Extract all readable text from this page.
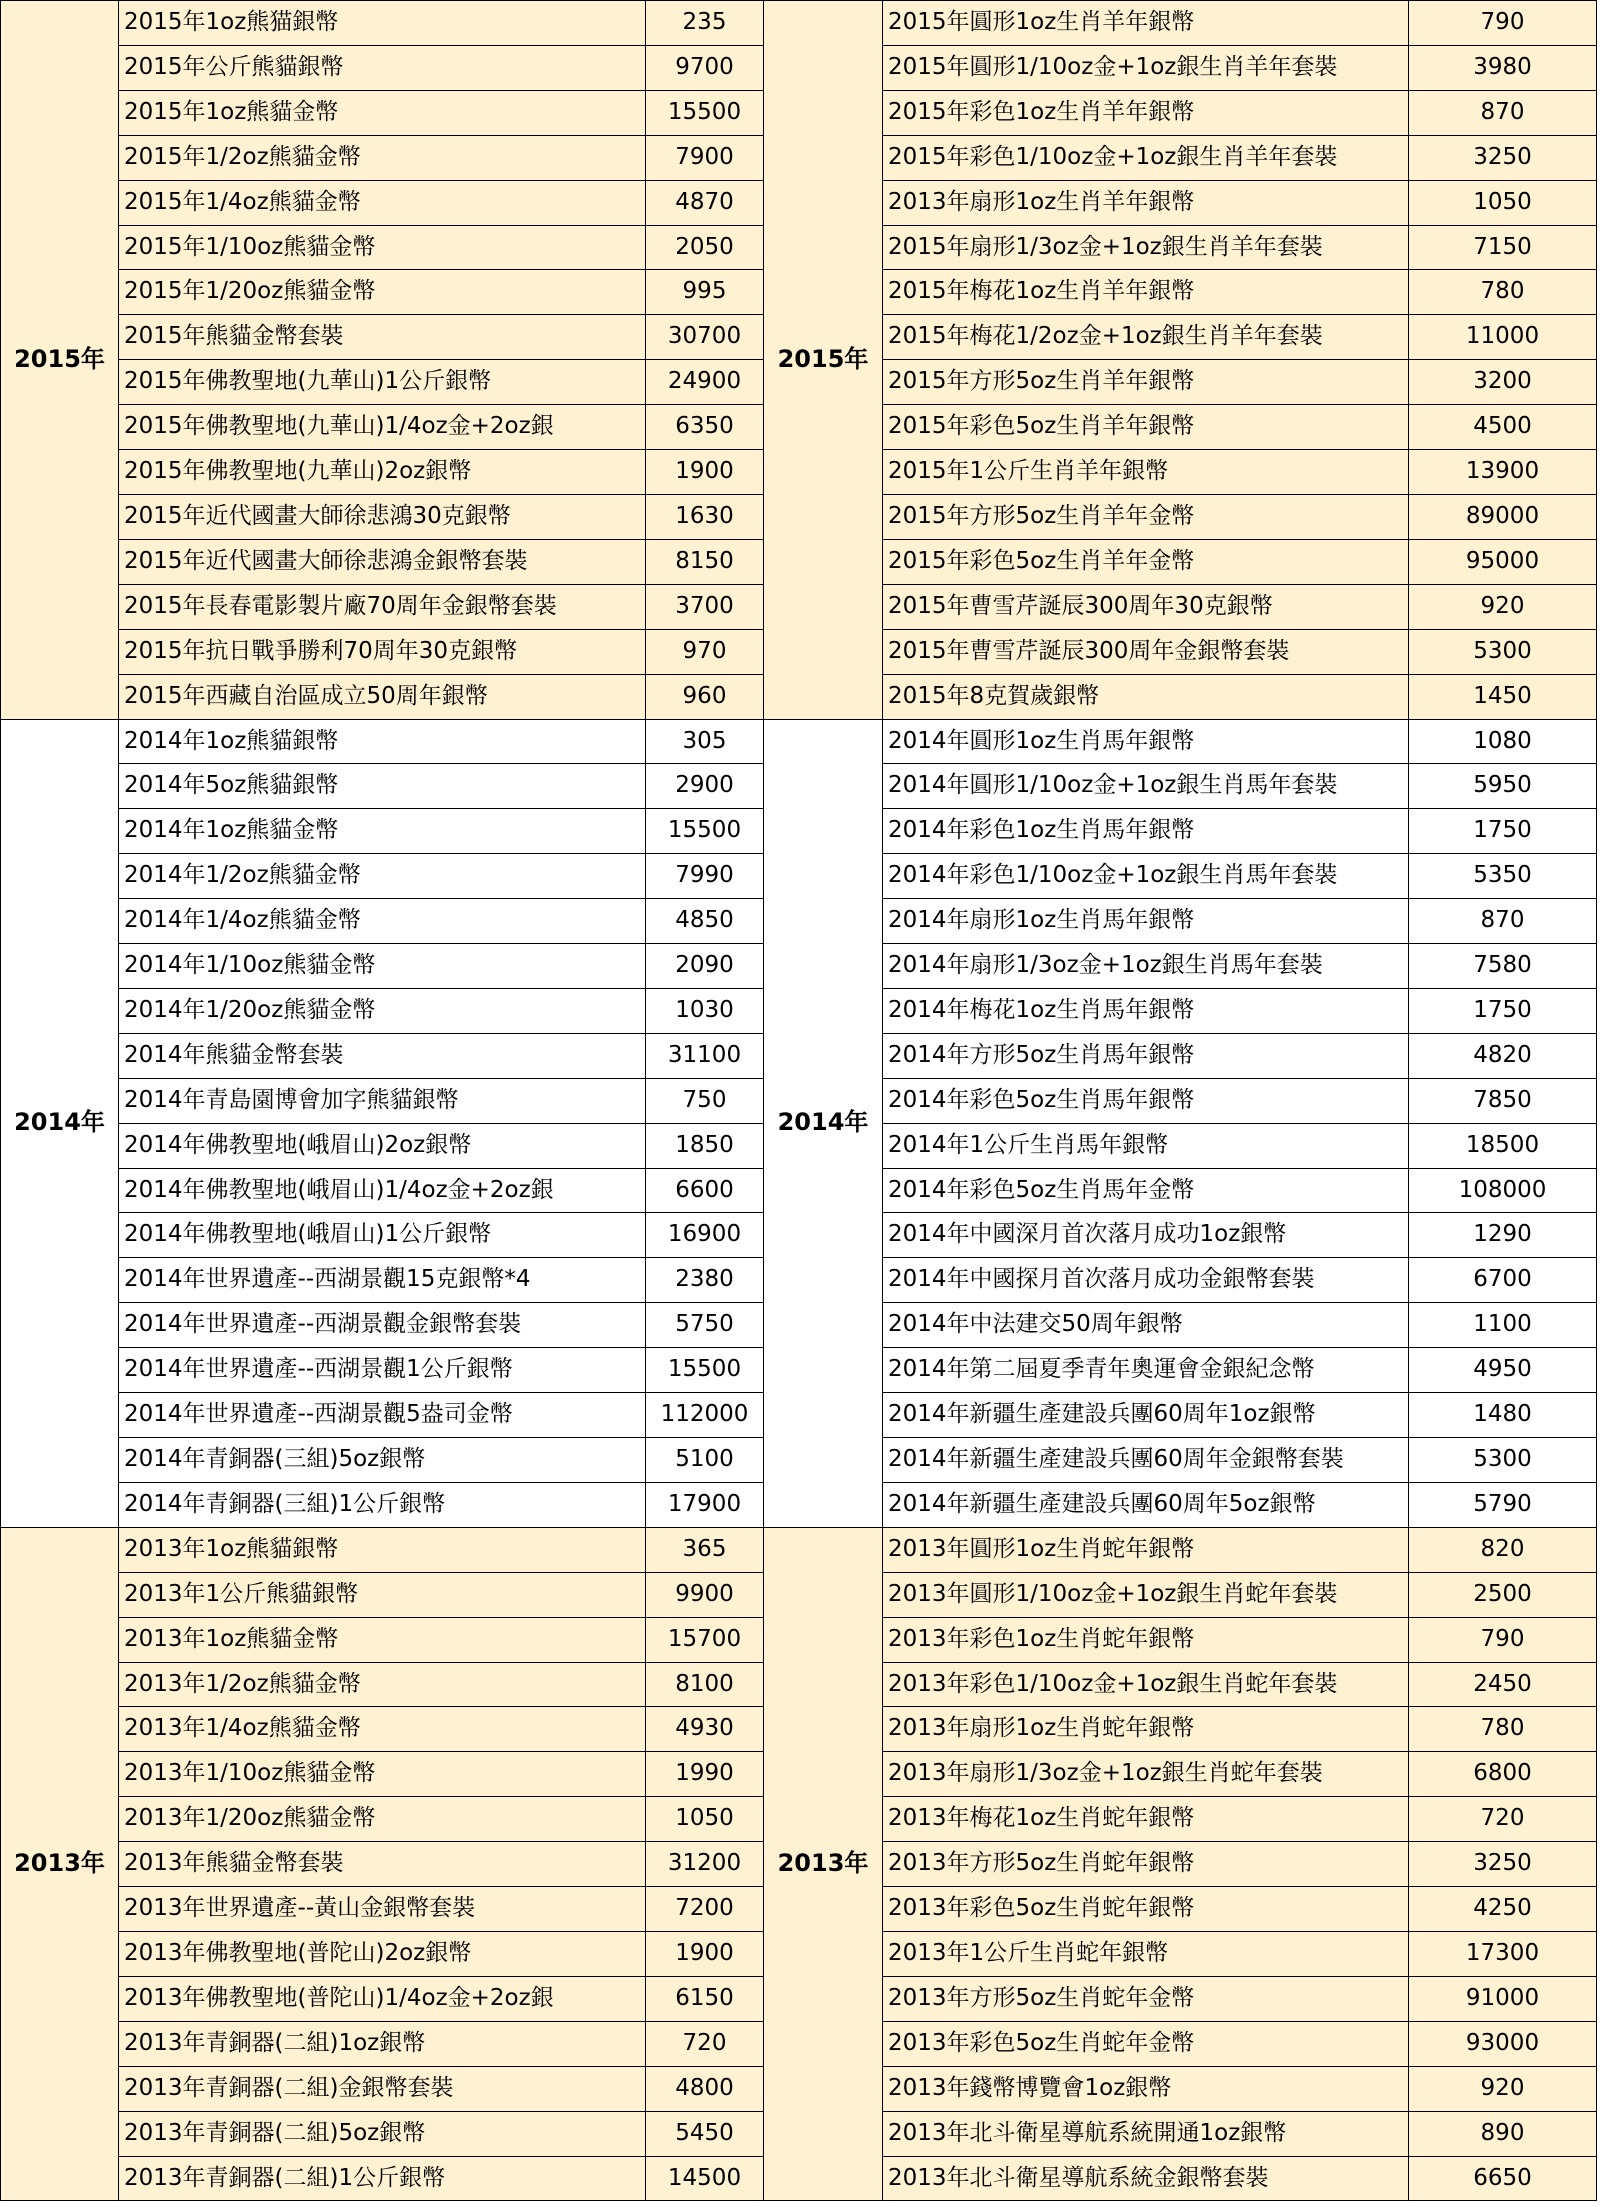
2015年	2015年1oz熊猫銀幣	235	2015年	2015年圓形1oz生肖羊年銀幣	790
	2015年公斤熊貓銀幣	9700		2015年圓形1/10oz金+1oz銀生肖羊年套裝	3980
	2015年1oz熊貓金幣	15500		2015年彩色1oz生肖羊年銀幣	870
	2015年1/2oz熊貓金幣	7900		2015年彩色1/10oz金+1oz銀生肖羊年套裝	3250
	2015年1/4oz熊貓金幣	4870		2013年扇形1oz生肖羊年銀幣	1050
	2015年1/10oz熊貓金幣	2050		2015年扇形1/3oz金+1oz銀生肖羊年套裝	7150
	2015年1/20oz熊貓金幣	995		2015年梅花1oz生肖羊年銀幣	780
	2015年熊貓金幣套裝	30700		2015年梅花1/2oz金+1oz銀生肖羊年套裝	11000
	2015年佛教聖地(九華山)1公斤銀幣	24900		2015年方形5oz生肖羊年銀幣	3200
	2015年佛教聖地(九華山)1/4oz金+2oz銀	6350		2015年彩色5oz生肖羊年銀幣	4500
	2015年佛教聖地(九華山)2oz銀幣	1900		2015年1公斤生肖羊年銀幣	13900
	2015年近代國畫大師徐悲鴻30克銀幣	1630		2015年方形5oz生肖羊年金幣	89000
	2015年近代國畫大師徐悲鴻金銀幣套裝	8150		2015年彩色5oz生肖羊年金幣	95000
	2015年長春電影製片廠70周年金銀幣套裝	3700		2015年曹雪芹誕辰300周年30克銀幣	920
	2015年抗日戰爭勝利70周年30克銀幣	970		2015年曹雪芹誕辰300周年金銀幣套裝	5300
	2015年西藏自治區成立50周年銀幣	960		2015年8克賀歲銀幣	1450
2014年	2014年1oz熊貓銀幣	305	2014年	2014年圓形1oz生肖馬年銀幣	1080
	2014年5oz熊貓銀幣	2900		2014年圓形1/10oz金+1oz銀生肖馬年套裝	5950
	2014年1oz熊貓金幣	15500		2014年彩色1oz生肖馬年銀幣	1750
	2014年1/2oz熊貓金幣	7990		2014年彩色1/10oz金+1oz銀生肖馬年套裝	5350
	2014年1/4oz熊貓金幣	4850		2014年扇形1oz生肖馬年銀幣	870
	2014年1/10oz熊貓金幣	2090		2014年扇形1/3oz金+1oz銀生肖馬年套裝	7580
	2014年1/20oz熊貓金幣	1030		2014年梅花1oz生肖馬年銀幣	1750
	2014年熊貓金幣套裝	31100		2014年方形5oz生肖馬年銀幣	4820
	2014年青島園博會加字熊貓銀幣	750		2014年彩色5oz生肖馬年銀幣	7850
	2014年佛教聖地(峨眉山)2oz銀幣	1850		2014年1公斤生肖馬年銀幣	18500
	2014年佛教聖地(峨眉山)1/4oz金+2oz銀	6600		2014年彩色5oz生肖馬年金幣	108000
	2014年佛教聖地(峨眉山)1公斤銀幣	16900		2014年中國深月首次落月成功1oz銀幣	1290
	2014年世界遺產--西湖景觀15克銀幣*4	2380		2014年中國探月首次落月成功金銀幣套裝	6700
	2014年世界遺產--西湖景觀金銀幣套裝	5750		2014年中法建交50周年銀幣	1100
	2014年世界遺產--西湖景觀1公斤銀幣	15500		2014年第二屆夏季青年奧運會金銀紀念幣	4950
	2014年世界遺產--西湖景觀5盎司金幣	112000		2014年新疆生產建設兵團60周年1oz銀幣	1480
	2014年青銅器(三組)5oz銀幣	5100		2014年新疆生產建設兵團60周年金銀幣套裝	5300
	2014年青銅器(三組)1公斤銀幣	17900		2014年新疆生產建設兵團60周年5oz銀幣	5790
2013年	2013年1oz熊貓銀幣	365	2013年	2013年圓形1oz生肖蛇年銀幣	820
	2013年1公斤熊貓銀幣	9900		2013年圓形1/10oz金+1oz銀生肖蛇年套裝	2500
	2013年1oz熊貓金幣	15700		2013年彩色1oz生肖蛇年銀幣	790
	2013年1/2oz熊貓金幣	8100		2013年彩色1/10oz金+1oz銀生肖蛇年套裝	2450
	2013年1/4oz熊貓金幣	4930		2013年扇形1oz生肖蛇年銀幣	780
	2013年1/10oz熊貓金幣	1990		2013年扇形1/3oz金+1oz銀生肖蛇年套裝	6800
	2013年1/20oz熊貓金幣	1050		2013年梅花1oz生肖蛇年銀幣	720
	2013年熊貓金幣套裝	31200		2013年方形5oz生肖蛇年銀幣	3250
	2013年世界遺產--黃山金銀幣套裝	7200		2013年彩色5oz生肖蛇年銀幣	4250
	2013年佛教聖地(普陀山)2oz銀幣	1900		2013年1公斤生肖蛇年銀幣	17300
	2013年佛教聖地(普陀山)1/4oz金+2oz銀	6150		2013年方形5oz生肖蛇年金幣	91000
	2013年青銅器(二組)1oz銀幣	720		2013年彩色5oz生肖蛇年金幣	93000
	2013年青銅器(二組)金銀幣套裝	4800		2013年錢幣博覽會1oz銀幣	920
	2013年青銅器(二組)5oz銀幣	5450		2013年北斗衛星導航系統開通1oz銀幣	890
	2013年青銅器(二組)1公斤銀幣	14500		2013年北斗衛星導航系統金銀幣套裝	6650
